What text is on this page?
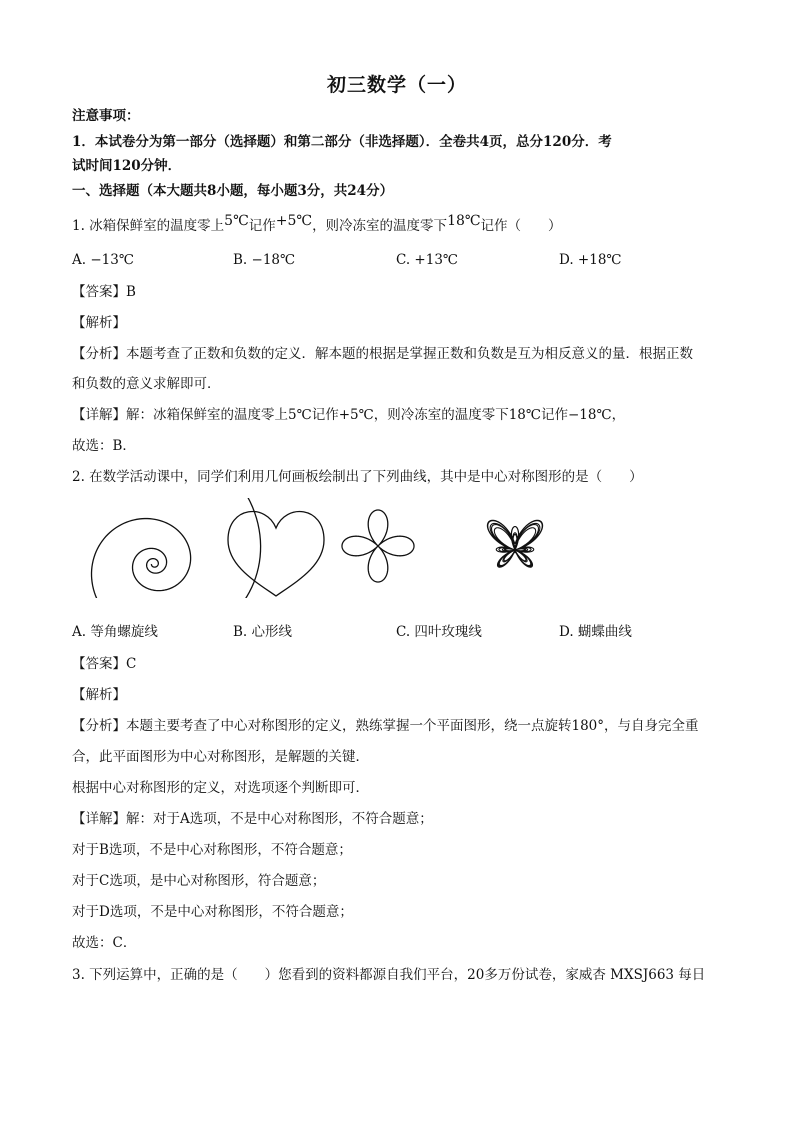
初三数学（一）
注意事项：
1．本试卷分为第一部分（选择题）和第二部分（非选择题）．全卷共4页，总分120分．考
试时间120分钟．
一、选择题（本大题共8小题，每小题3分，共24分）
1. 冰箱保鲜室的温度零上5℃记作+5℃，则冷冻室的温度零下18℃记作（　　）
A. −13℃	B. −18℃	C. +13℃	D. +18℃
【答案】B
【解析】
【分析】本题考查了正数和负数的定义．解本题的根据是掌握正数和负数是互为相反意义的量．根据正数
和负数的意义求解即可．
【详解】解：冰箱保鲜室的温度零上5℃记作+5℃，则冷冻室的温度零下18℃记作−18℃，
故选：B．
2. 在数学活动课中，同学们利用几何画板绘制出了下列曲线，其中是中心对称图形的是（　　）
A. 等角螺旋线	B. 心形线	C. 四叶玫瑰线	D. 蝴蝶曲线
【答案】C
【解析】
【分析】本题主要考查了中心对称图形的定义，熟练掌握一个平面图形，绕一点旋转180°，与自身完全重
合，此平面图形为中心对称图形，是解题的关键．
根据中心对称图形的定义，对选项逐个判断即可．
【详解】解：对于A选项，不是中心对称图形，不符合题意；
对于B选项，不是中心对称图形，不符合题意；
对于C选项，是中心对称图形，符合题意；
对于D选项，不是中心对称图形，不符合题意；
故选：C．
3. 下列运算中，正确的是（　　）您看到的资料都源自我们平台，20多万份试卷，家威杏 MXSJ663 每日
